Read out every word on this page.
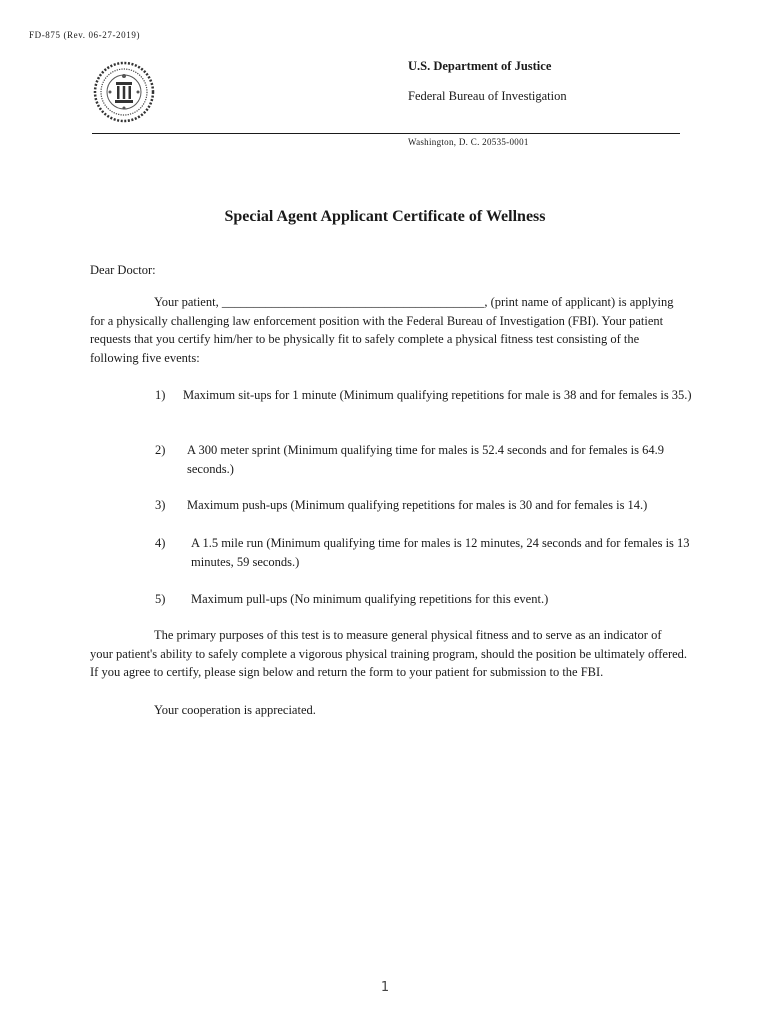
FD-875 (Rev. 06-27-2019)
U.S. Department of Justice
Federal Bureau of Investigation
Washington, D. C. 20535-0001
Special Agent Applicant Certificate of Wellness
Dear Doctor:
Your patient, __________________________________________, (print name of applicant) is applying
for a physically challenging law enforcement position with the Federal Bureau of Investigation (FBI). Your patient requests that you certify him/her to be physically fit to safely complete a physical fitness test consisting of the following five events:
1) Maximum sit-ups for 1 minute (Minimum qualifying repetitions for male is 38 and for females is 35.)
2) A 300 meter sprint (Minimum qualifying time for males is 52.4 seconds and for females is 64.9 seconds.)
3) Maximum push-ups (Minimum qualifying repetitions for males is 30 and for females is 14.)
4) A 1.5 mile run (Minimum qualifying time for males is 12 minutes, 24 seconds and for females is 13 minutes, 59 seconds.)
5) Maximum pull-ups (No minimum qualifying repetitions for this event.)
The primary purposes of this test is to measure general physical fitness and to serve as an indicator of
your patient's ability to safely complete a vigorous physical training program, should the position be ultimately offered. If you agree to certify, please sign below and return the form to your patient for submission to the FBI.
Your cooperation is appreciated.
1
